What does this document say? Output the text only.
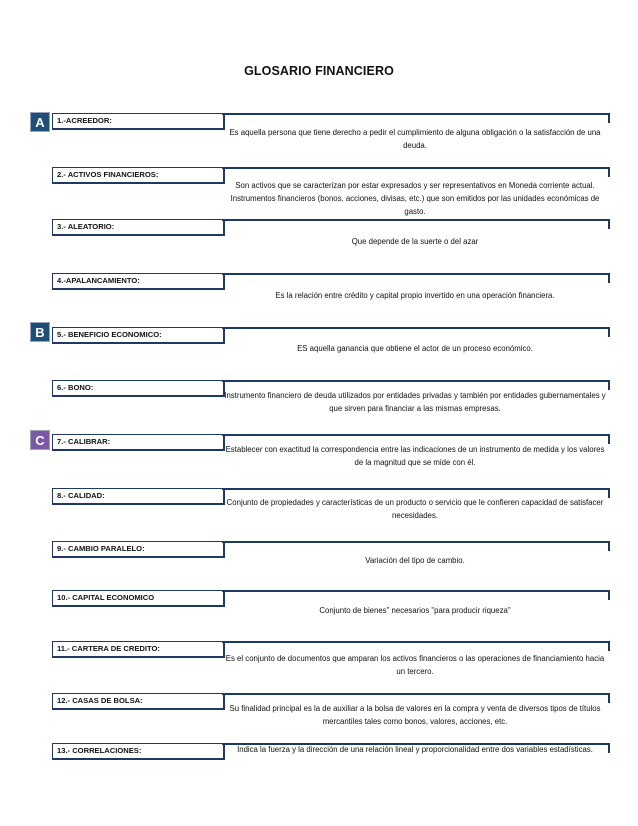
GLOSARIO FINANCIERO
A
B
C
1.-ACREEDOR:
Es aquella persona que tiene derecho a pedir el cumplimiento de alguna obligación o la satisfacción de una deuda.
2.- ACTIVOS FINANCIEROS:
Son activos que se caracterizan por estar expresados y ser representativos en Moneda corriente actual. Instrumentos financieros (bonos, acciones, divisas, etc.) que son emitidos por las unidades económicas de gasto.
3.- ALEATORIO:
Que depende de la suerte o del azar
4.-APALANCAMIENTO:
Es la relación entre crédito y capital propio invertido en una operación financiera.
5.- BENEFICIO ECONOMICO:
ES aquella ganancia que obtiene el actor de un proceso económico.
6.- BONO:
Instrumento financiero de deuda utilizados por entidades privadas y también por entidades gubernamentales y que sirven para financiar a las mismas empresas.
7.- CALIBRAR:
Establecer con exactitud la correspondencia entre las indicaciones de un instrumento de medida y los valores de la magnitud que se mide con él.
8.- CALIDAD:
Conjunto de propiedades y características de un producto o servicio que le confieren capacidad de satisfacer necesidades.
9.- CAMBIO PARALELO:
Variación del tipo de cambio.
10.- CAPITAL ECONOMICO
Conjunto de bienes" necesarios "para producir riqueza"
11.- CARTERA DE CREDITO:
Es el conjunto de documentos que amparan los activos financieros o las operaciones de financiamiento hacia un tercero.
12.- CASAS DE BOLSA:
Su finalidad principal es la de auxiliar a la bolsa de valores en la compra y venta de diversos tipos de títulos mercantiles tales como bonos, valores, acciones, etc.
13.- CORRELACIONES:	Indica la fuerza y la dirección de una relación lineal y proporcionalidad entre dos variables estadísticas.
